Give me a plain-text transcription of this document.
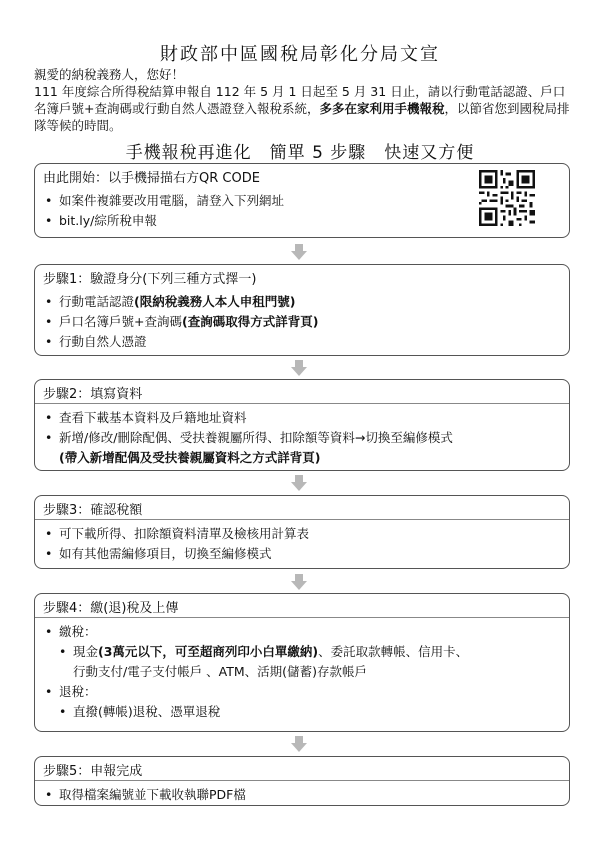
財政部中區國稅局彰化分局文宣

親愛的納稅義務人，您好！

111 年度綜合所得稅結算申報自 112 年 5 月 1 日起至 5 月 31 日止，請以行動電話認證、戶口名簿戶號+查詢碼或行動自然人憑證登入報稅系統，多多在家利用手機報稅，以節省您到國稅局排隊等候的時間。

手機報稅再進化　簡單 5 步驟　快速又方便
由此開始：以手機掃描右方QR CODE
• 如案件複雜要改用電腦，請登入下列網址
• bit.ly/綜所稅申報
步驟1：驗證身分(下列三種方式擇一)
• 行動電話認證(限納稅義務人本人申租門號)
• 戶口名簿戶號+查詢碼(查詢碼取得方式詳背頁)
• 行動自然人憑證
步驟2：填寫資料
• 查看下載基本資料及戶籍地址資料
• 新增/修改/刪除配偶、受扶養親屬所得、扣除額等資料→切換至編修模式
(帶入新增配偶及受扶養親屬資料之方式詳背頁)
步驟3：確認稅額
• 可下載所得、扣除額資料清單及檢核用計算表
• 如有其他需編修項目，切換至編修模式
步驟4：繳(退)稅及上傳
• 繳稅：
• 現金(3萬元以下，可至超商列印小白單繳納)、委託取款轉帳、信用卡、
行動支付/電子支付帳戶 、ATM、活期(儲蓄)存款帳戶
• 退稅：
• 直撥(轉帳)退稅、憑單退稅
步驟5：申報完成
• 取得檔案編號並下載收執聯PDF檔
